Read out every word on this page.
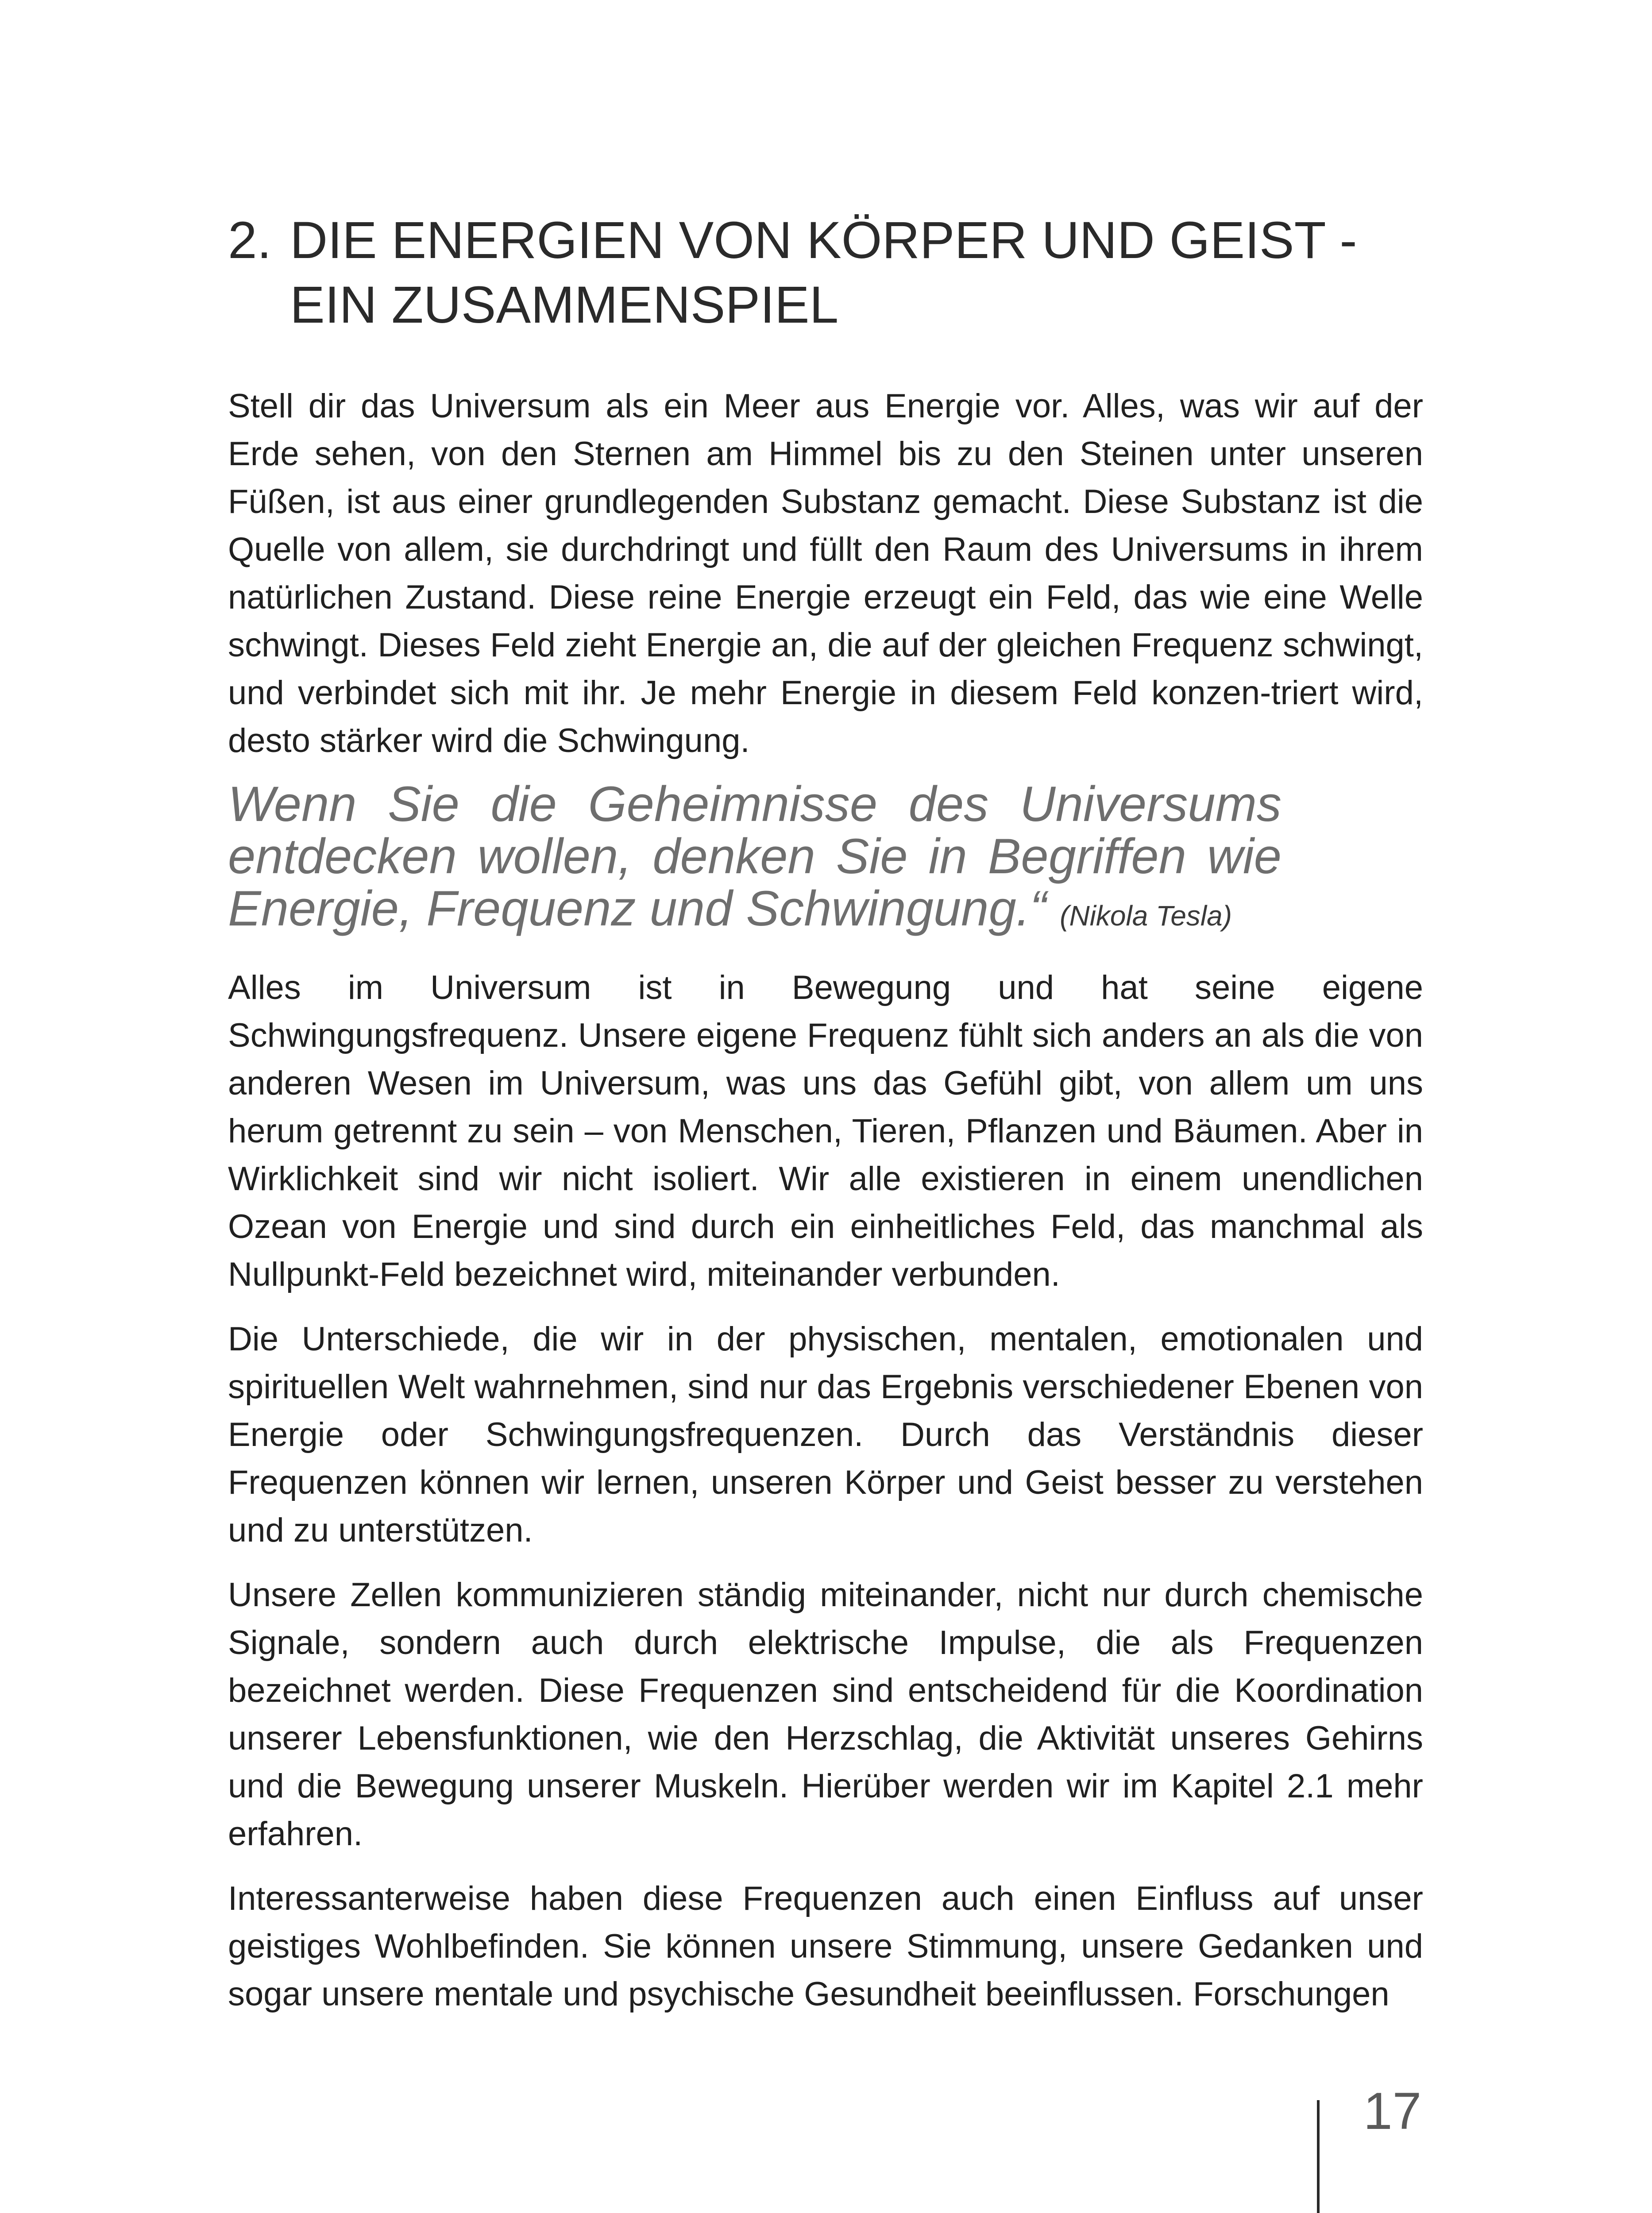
2. DIE ENERGIEN VON KÖRPER UND GEIST -
EIN ZUSAMMENSPIEL

Stell dir das Universum als ein Meer aus Energie vor. Alles, was wir auf der Erde sehen, von den Sternen am Himmel bis zu den Steinen unter unseren Füßen, ist aus einer grundlegenden Substanz gemacht. Diese Substanz ist die Quelle von allem, sie durchdringt und füllt den Raum des Universums in ihrem natürlichen Zustand. Diese reine Energie erzeugt ein Feld, das wie eine Welle schwingt. Dieses Feld zieht Energie an, die auf der gleichen Frequenz schwingt, und verbindet sich mit ihr. Je mehr Energie in diesem Feld konzen-triert wird, desto stärker wird die Schwingung.

Wenn Sie die Geheimnisse des Universums entdecken wollen, denken Sie in Begriffen wie Energie, Frequenz und Schwingung.“ (Nikola Tesla)

Alles im Universum ist in Bewegung und hat seine eigene Schwingungsfrequenz. Unsere eigene Frequenz fühlt sich anders an als die von anderen Wesen im Universum, was uns das Gefühl gibt, von allem um uns herum getrennt zu sein – von Menschen, Tieren, Pflanzen und Bäumen. Aber in Wirklichkeit sind wir nicht isoliert. Wir alle existieren in einem unendlichen Ozean von Energie und sind durch ein einheitliches Feld, das manchmal als Nullpunkt-Feld bezeichnet wird, miteinander verbunden.

Die Unterschiede, die wir in der physischen, mentalen, emotionalen und spirituellen Welt wahrnehmen, sind nur das Ergebnis verschiedener Ebenen von Energie oder Schwingungsfrequenzen. Durch das Verständnis dieser Frequenzen können wir lernen, unseren Körper und Geist besser zu verstehen und zu unterstützen.

Unsere Zellen kommunizieren ständig miteinander, nicht nur durch chemische Signale, sondern auch durch elektrische Impulse, die als Frequenzen bezeichnet werden. Diese Frequenzen sind entscheidend für die Koordination unserer Lebensfunktionen, wie den Herzschlag, die Aktivität unseres Gehirns und die Bewegung unserer Muskeln. Hierüber werden wir im Kapitel 2.1 mehr erfahren.

Interessanterweise haben diese Frequenzen auch einen Einfluss auf unser geistiges Wohlbefinden. Sie können unsere Stimmung, unsere Gedanken und sogar unsere mentale und psychische Gesundheit beeinflussen. Forschungen

17
